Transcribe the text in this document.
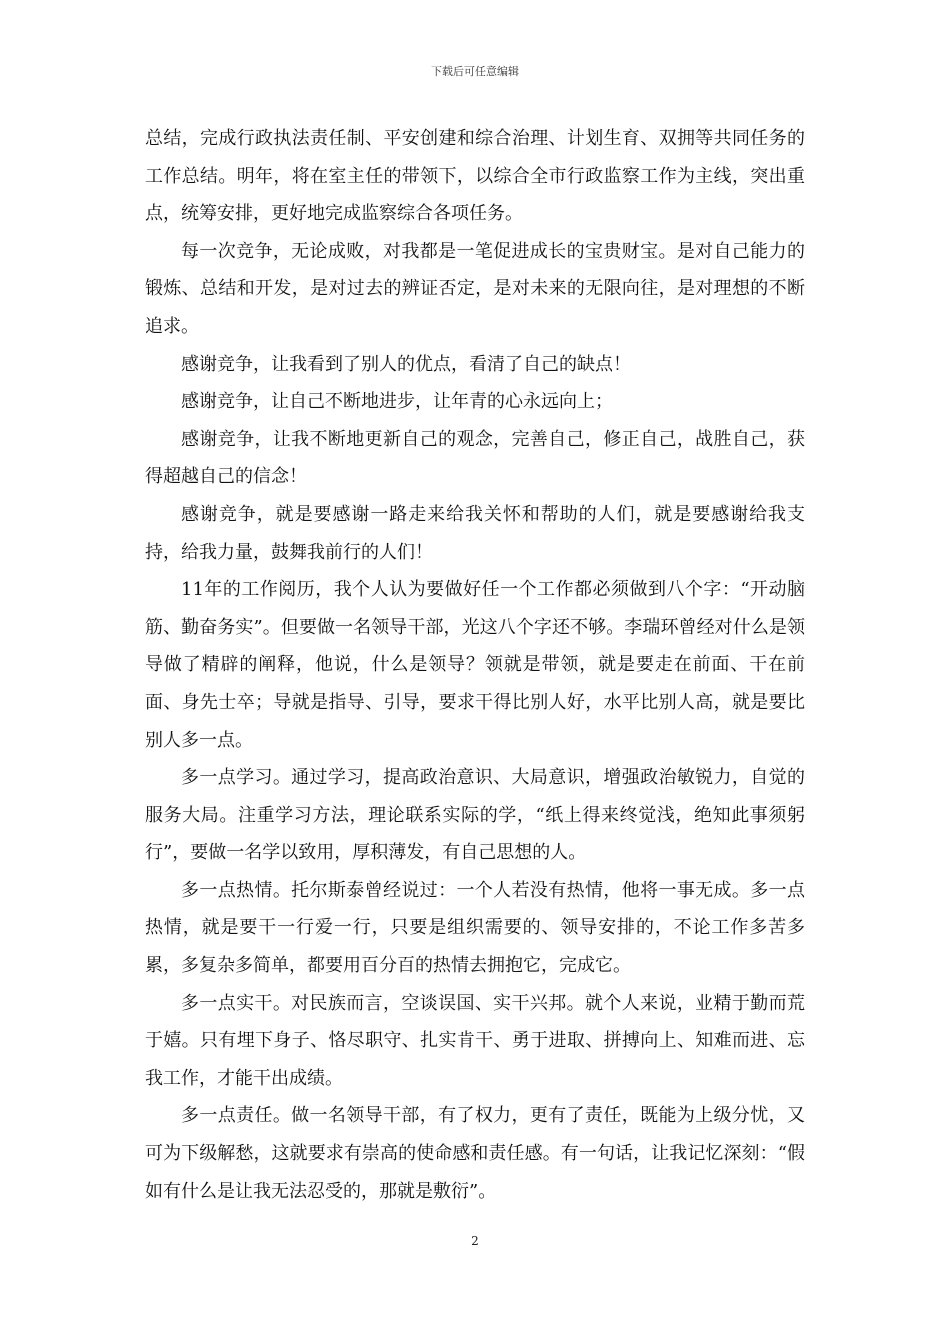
下载后可任意编辑

总结，完成行政执法责任制、平安创建和综合治理、计划生育、双拥等共同任务的工作总结。明年，将在室主任的带领下，以综合全市行政监察工作为主线，突出重点，统筹安排，更好地完成监察综合各项任务。

每一次竞争，无论成败，对我都是一笔促进成长的宝贵财宝。是对自己能力的锻炼、总结和开发，是对过去的辨证否定，是对未来的无限向往，是对理想的不断追求。

感谢竞争，让我看到了别人的优点，看清了自己的缺点！

感谢竞争，让自己不断地进步，让年青的心永远向上；

感谢竞争，让我不断地更新自己的观念，完善自己，修正自己，战胜自己，获得超越自己的信念！

感谢竞争，就是要感谢一路走来给我关怀和帮助的人们，就是要感谢给我支持，给我力量，鼓舞我前行的人们！

11年的工作阅历，我个人认为要做好任一个工作都必须做到八个字：“开动脑筋、勤奋务实”。但要做一名领导干部，光这八个字还不够。李瑞环曾经对什么是领导做了精辟的阐释，他说，什么是领导？领就是带领，就是要走在前面、干在前面、身先士卒；导就是指导、引导，要求干得比别人好，水平比别人高，就是要比别人多一点。

多一点学习。通过学习，提高政治意识、大局意识，增强政治敏锐力，自觉的服务大局。注重学习方法，理论联系实际的学，“纸上得来终觉浅，绝知此事须躬行”，要做一名学以致用，厚积薄发，有自己思想的人。

多一点热情。托尔斯泰曾经说过：一个人若没有热情，他将一事无成。多一点热情，就是要干一行爱一行，只要是组织需要的、领导安排的，不论工作多苦多累，多复杂多简单，都要用百分百的热情去拥抱它，完成它。

多一点实干。对民族而言，空谈误国、实干兴邦。就个人来说，业精于勤而荒于嬉。只有埋下身子、恪尽职守、扎实肯干、勇于进取、拼搏向上、知难而进、忘我工作，才能干出成绩。

多一点责任。做一名领导干部，有了权力，更有了责任，既能为上级分忧，又可为下级解愁，这就要求有崇高的使命感和责任感。有一句话，让我记忆深刻：“假如有什么是让我无法忍受的，那就是敷衍”。

2
